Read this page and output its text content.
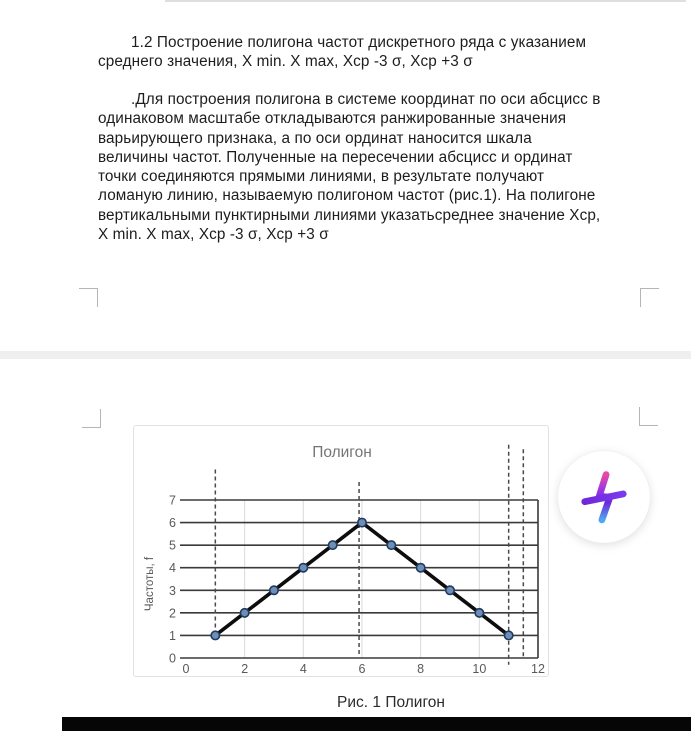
1.2 Построение полигона частот дискретного ряда с указанием
среднего значения, X min. X max, Хср -3 σ, Хср +3 σ
.Для построения полигона в системе координат по оси абсцисс в
одинаковом масштабе откладываются ранжированные значения
варьирующего признака, а по оси ординат наносится шкала
величины частот. Полученные на пересечении абсцисс и ординат
точки соединяются прямыми линиями, в результате получают
ломаную линию, называемую полигоном частот (рис.1). На полигоне
вертикальными пунктирными линиями указатьсреднее значение Хср,
X min. X max, Хср -3 σ, Хср +3 σ
0	2	4	6	8	10	12
0
1
2
3
4
5
6
7
Частоты, f
Полигон
Рис. 1 Полигон
